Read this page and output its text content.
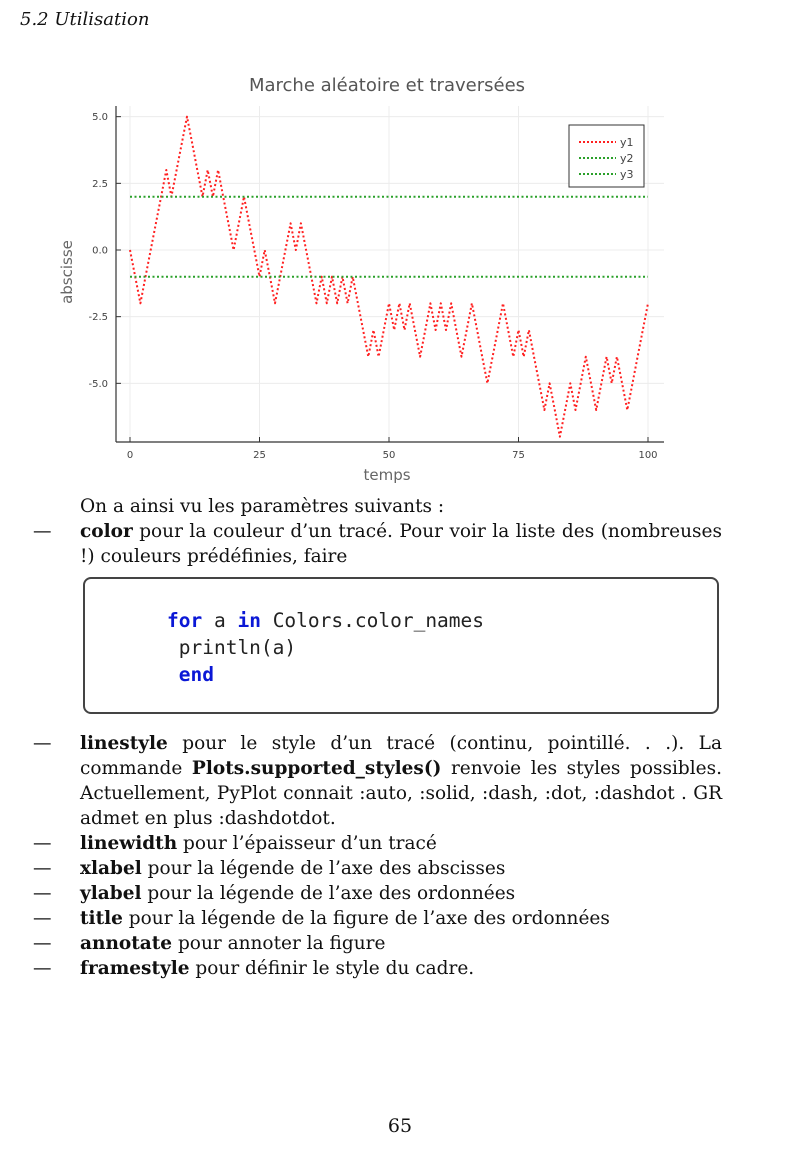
5.2 Utilisation
0	25	50	75	100
5.0
2.5
0.0
-2.5
-5.0
y1
y2
y3
Marche aléatoire et traversées
temps
abscisse

On a ainsi vu les paramètres suivants :

— color pour la couleur d’un tracé. Pour voir la liste des (nombreuses !) couleurs prédéfinies, faire
for a in Colors.color_names
println(a)
end
— linestyle pour le style d’un tracé (continu, pointillé. . .). La commande Plots.supported_styles() renvoie les styles possibles. Actuellement, PyPlot connait :auto, :solid, :dash, :dot, :dashdot . GR admet en plus :dashdotdot.
— linewidth pour l’épaisseur d’un tracé
— xlabel pour la légende de l’axe des abscisses
— ylabel pour la légende de l’axe des ordonnées
— title pour la légende de la figure de l’axe des ordonnées
— annotate pour annoter la figure
— framestyle pour définir le style du cadre.
65
